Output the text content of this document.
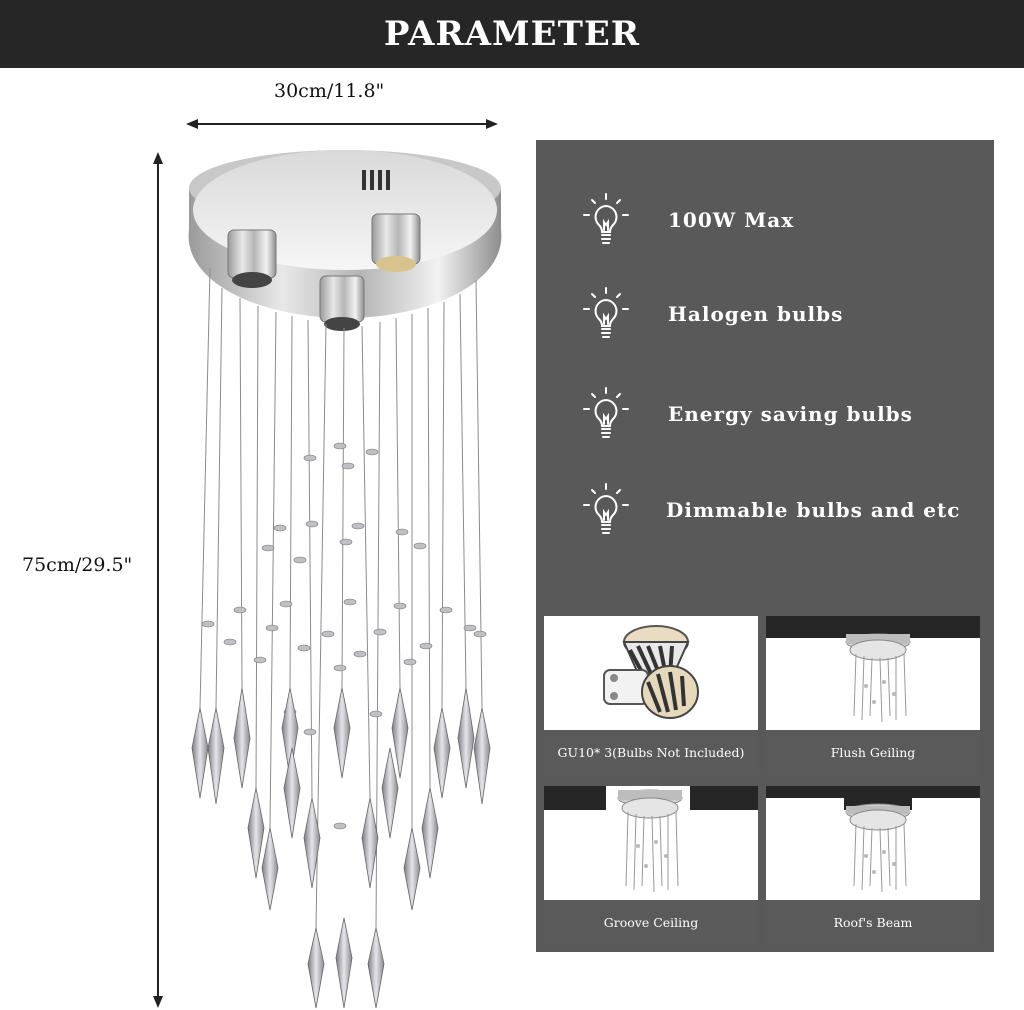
PARAMETER
30cm/11.8"
75cm/29.5"
100W Max
Halogen bulbs
Energy saving bulbs
Dimmable bulbs and etc
GU10* 3(Bulbs Not Included)	Flush Geiling
Groove Ceiling	Roof's Beam
